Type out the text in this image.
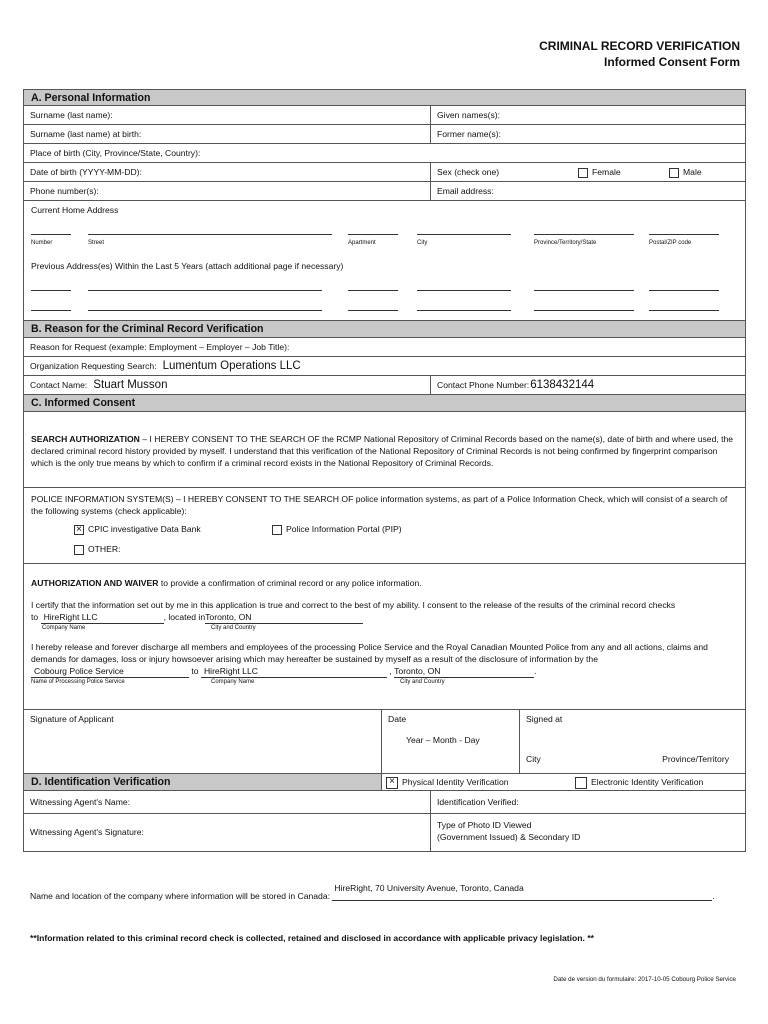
CRIMINAL RECORD VERIFICATION
Informed Consent Form
A. Personal Information
Surname (last name):	Given names(s):
Surname (last name) at birth:	Former name(s):
Place of birth (City, Province/State, Country):
Date of birth (YYYY-MM-DD):	Sex (check one)	Female	Male
Phone number(s):	Email address:
Current Home Address
Number	Street	Apartment	City	Province/Territory/State	Postal/ZIP code
Previous Address(es) Within the Last 5 Years (attach additional page if necessary)
B. Reason for the Criminal Record Verification
Reason for Request (example: Employment – Employer – Job Title):
Organization Requesting Search: Lumentum Operations LLC
Contact Name: Stuart Musson	Contact Phone Number:6138432144
C. Informed Consent
SEARCH AUTHORIZATION – I HEREBY CONSENT TO THE SEARCH OF the RCMP National Repository of Criminal Records based on the name(s), date of birth and where used, the declared criminal record history provided by myself. I understand that this verification of the National Repository of Criminal Records is not being confirmed by fingerprint comparison which is the only true means by which to confirm if a criminal record exists in the National Repository of Criminal Records.
POLICE INFORMATION SYSTEM(S) – I HEREBY CONSENT TO THE SEARCH OF police information systems, as part of a Police Information Check, which will consist of a search of the following systems (check applicable):
× CPIC investigative Data Bank	Police Information Portal (PIP)
OTHER:
AUTHORIZATION AND WAIVER to provide a confirmation of criminal record or any police information.
I certify that the information set out by me in this application is true and correct to the best of my ability. I consent to the release of the results of the criminal record checks
to HireRight LLC	, located inToronto, ON
Company Name	City and Country
I hereby release and forever discharge all members and employees of the processing Police Service and the Royal Canadian Mounted Police from any and all actions, claims and demands for damages, loss or injury howsoever arising which may hereafter be sustained by myself as a result of the disclosure of information by the
Cobourg Police Service	to HireRight LLC	, Toronto, ON	.
Name of Processing Police Service	Company Name	City and Country
Signature of Applicant	Date
Year – Month - Day
Signed at
City	Province/Territory
D. Identification Verification	× Physical Identity Verification	Electronic Identity Verification
Witnessing Agent's Name:	Identification Verified:
Witnessing Agent's Signature:
Type of Photo ID Viewed
(Government Issued) & Secondary ID
Name and location of the company where information will be stored in Canada:
HireRight, 70 University Avenue, Toronto, Canada
.
**Information related to this criminal record check is collected, retained and disclosed in accordance with applicable privacy legislation. **
Date de version du formulaire: 2017-10-05 Cobourg Police Service
